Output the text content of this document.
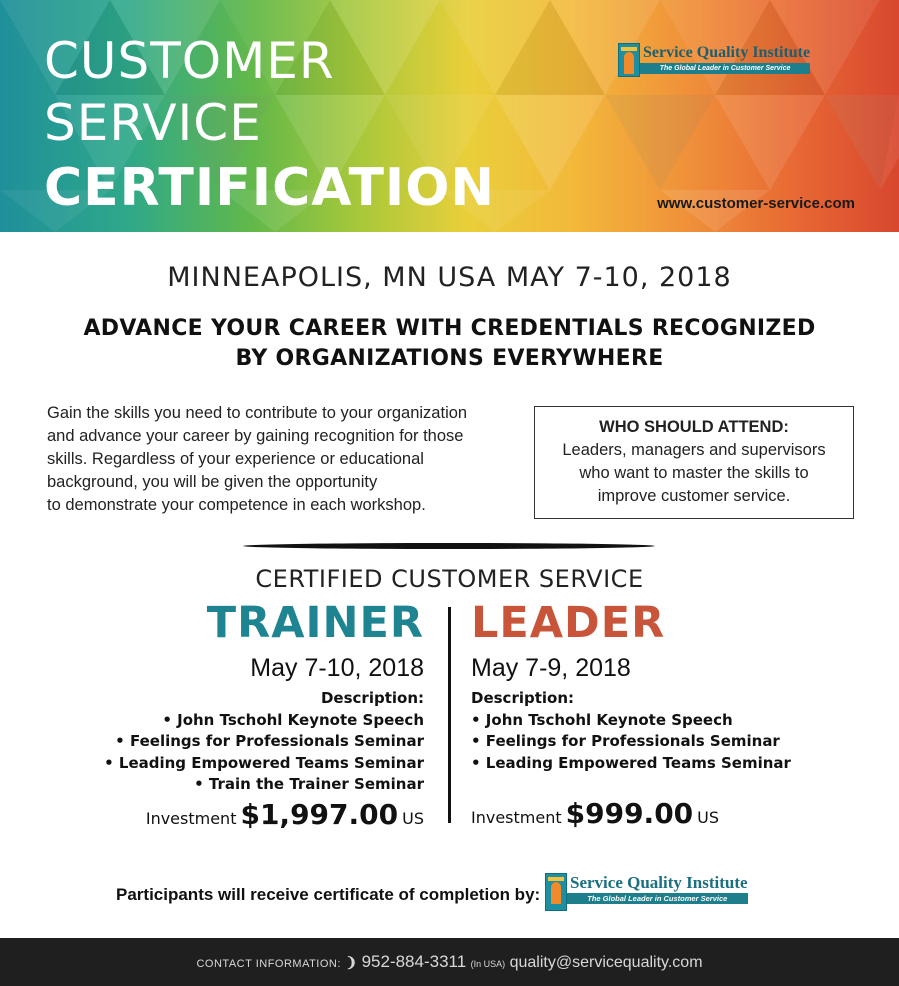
CUSTOMER
SERVICE
CERTIFICATION
Service Quality Institute
The Global Leader in Customer Service
www.customer-service.com
MINNEAPOLIS, MN USA MAY 7-10, 2018
ADVANCE YOUR CAREER WITH CREDENTIALS RECOGNIZED
BY ORGANIZATIONS EVERYWHERE
Gain the skills you need to contribute to your organization
and advance your career by gaining recognition for those
skills. Regardless of your experience or educational
background, you will be given the opportunity
to demonstrate your competence in each workshop.
WHO SHOULD ATTEND:
Leaders, managers and supervisors
who want to master the skills to
improve customer service.
CERTIFIED CUSTOMER SERVICE
TRAINER
May 7-10, 2018
Description:
• John Tschohl Keynote Speech
• Feelings for Professionals Seminar
• Leading Empowered Teams Seminar
• Train the Trainer Seminar
Investment $1,997.00 US
LEADER
May 7-9, 2018
Description:
• John Tschohl Keynote Speech
• Feelings for Professionals Seminar
• Leading Empowered Teams Seminar
Investment $999.00 US
Participants will receive certificate of completion by:
Service Quality Institute
The Global Leader in Customer Service
CONTACT INFORMATION: ❩ 952-884-3311 (In USA) quality@servicequality.com
